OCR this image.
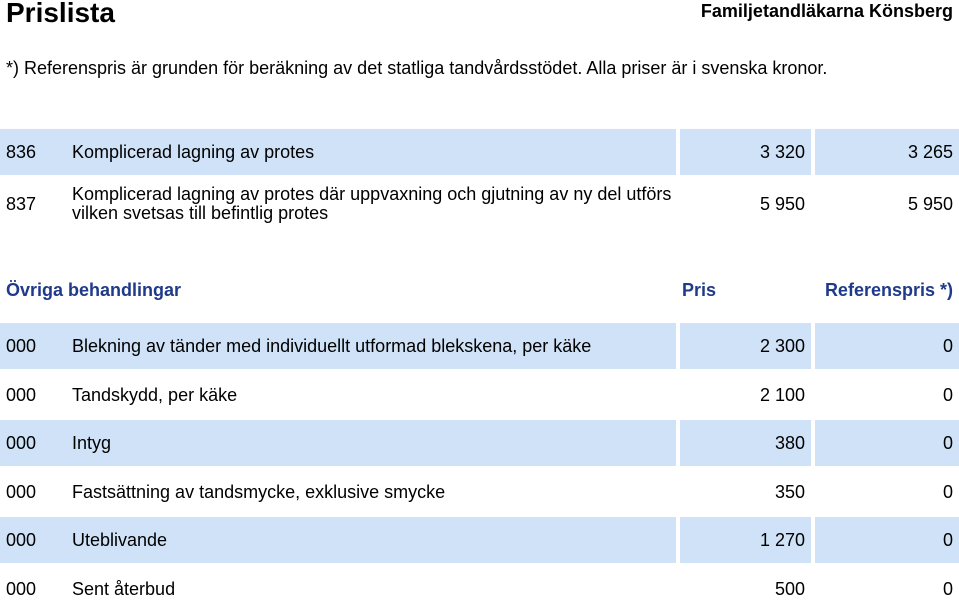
Prislista	Familjetandläkarna Könsberg
*) Referenspris är grunden för beräkning av det statliga tandvårdsstödet. Alla priser är i svenska kronor.
836	Komplicerad lagning av protes	3 320	3 265
837	Komplicerad lagning av protes där uppvaxning och gjutning av ny del utförs vilken svetsas till befintlig protes	5 950	5 950
Övriga behandlingar	Pris	Referenspris *)
000	Blekning av tänder med individuellt utformad blekskena, per käke	2 300	0
000	Tandskydd, per käke	2 100	0
000	Intyg	380	0
000	Fastsättning av tandsmycke, exklusive smycke	350	0
000	Uteblivande	1 270	0
000	Sent återbud	500	0
